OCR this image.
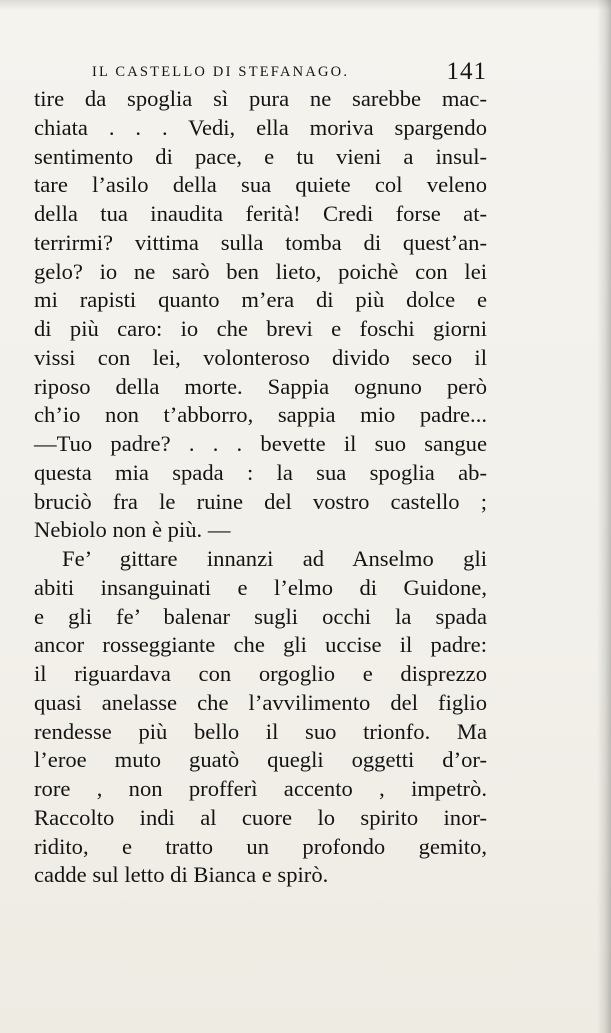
IL CASTELLO DI STEFANAGO.	141
tire da spoglia sì pura ne sarebbe mac-
chiata . . . Vedi, ella moriva spargendo
sentimento di pace, e tu vieni a insul-
tare l’asilo della sua quiete col veleno
della tua inaudita ferità! Credi forse at-
terrirmi? vittima sulla tomba di quest’an-
gelo? io ne sarò ben lieto, poichè con lei
mi rapisti quanto m’era di più dolce e
di più caro: io che brevi e foschi giorni
vissi con lei, volonteroso divido seco il
riposo della morte. Sappia ognuno però
ch’io non t’abborro, sappia mio padre...
—Tuo padre? . . . bevette il suo sangue
questa mia spada : la sua spoglia ab-
bruciò fra le ruine del vostro castello ;
Nebiolo non è più. —
Fe’ gittare innanzi ad Anselmo gli
abiti insanguinati e l’elmo di Guidone,
e gli fe’ balenar sugli occhi la spada
ancor rosseggiante che gli uccise il padre:
il riguardava con orgoglio e disprezzo
quasi anelasse che l’avvilimento del figlio
rendesse più bello il suo trionfo. Ma
l’eroe muto guatò quegli oggetti d’or-
rore , non profferì accento , impetrò.
Raccolto indi al cuore lo spirito inor-
ridito, e tratto un profondo gemito,
cadde sul letto di Bianca e spirò.
